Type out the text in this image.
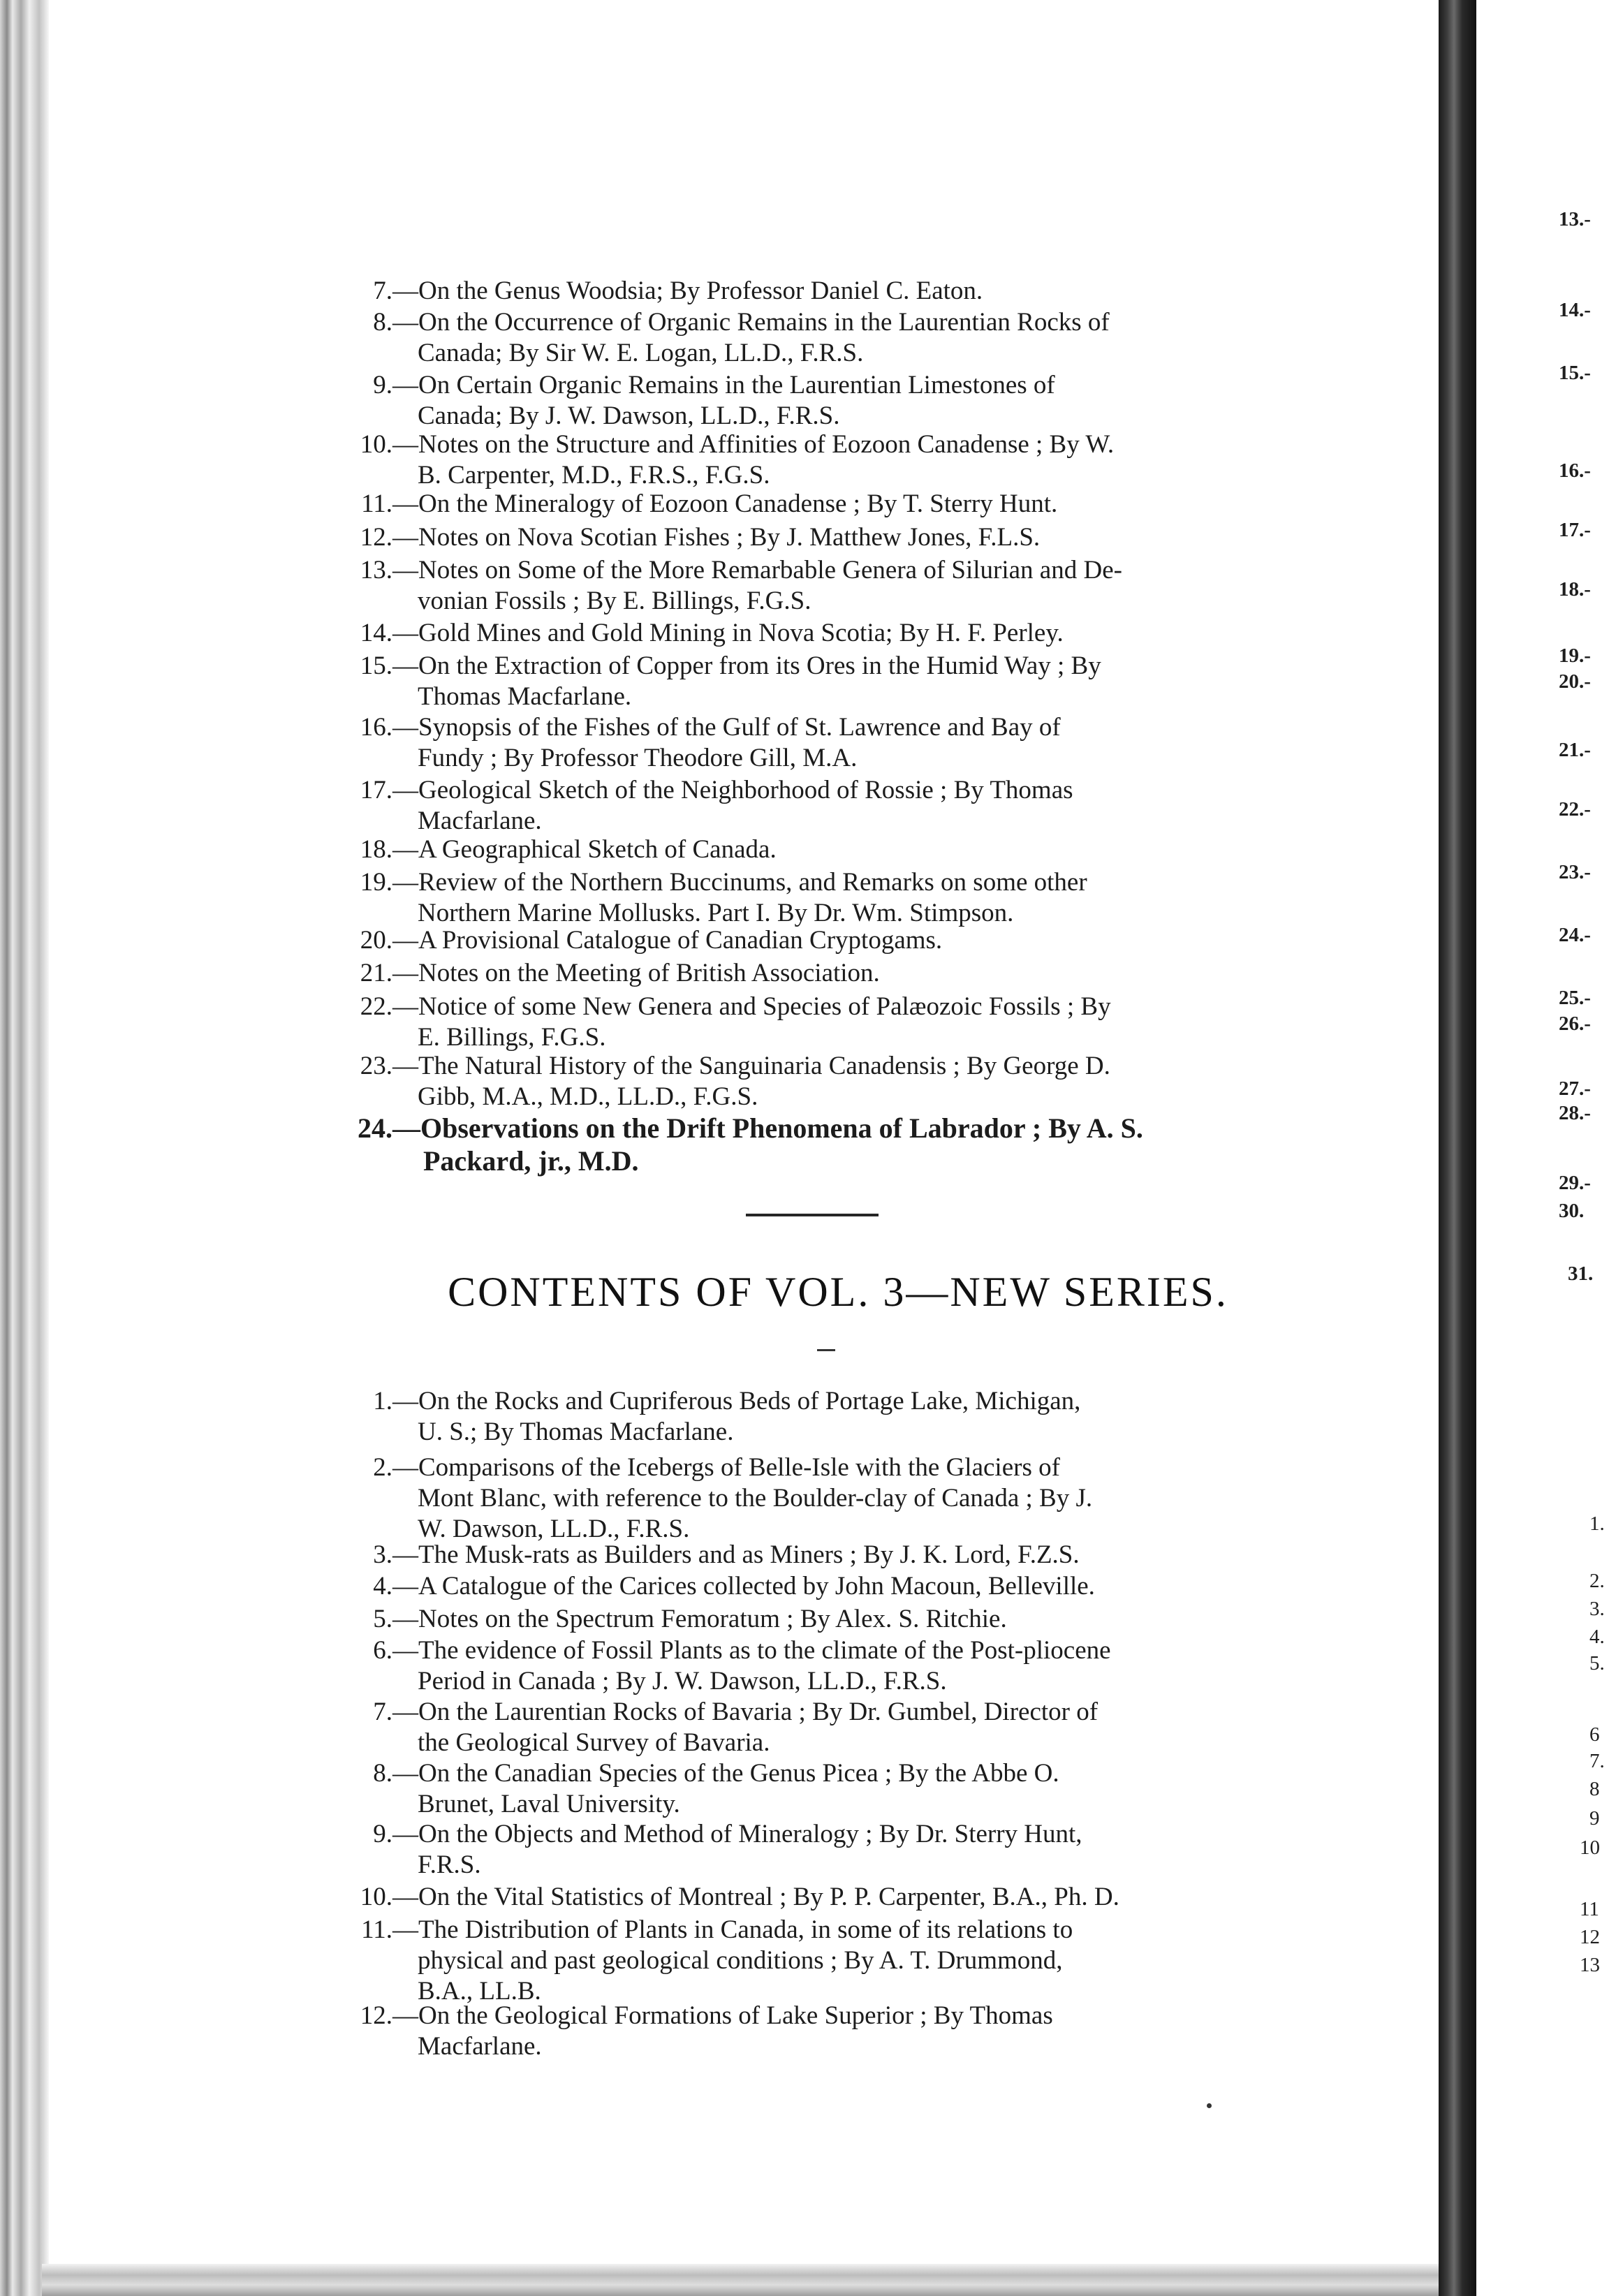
7.—On the Genus Woodsia; By Professor Daniel C. Eaton.
8.—On the Occurrence of Organic Remains in the Laurentian Rocks of
Canada; By Sir W. E. Logan, LL.D., F.R.S.
9.—On Certain Organic Remains in the Laurentian Limestones of
Canada; By J. W. Dawson, LL.D., F.R.S.
10.—Notes on the Structure and Affinities of Eozoon Canadense ; By W.
B. Carpenter, M.D., F.R.S., F.G.S.
11.—On the Mineralogy of Eozoon Canadense ; By T. Sterry Hunt.
12.—Notes on Nova Scotian Fishes ; By J. Matthew Jones, F.L.S.
13.—Notes on Some of the More Remarbable Genera of Silurian and De-
vonian Fossils ; By E. Billings, F.G.S.
14.—Gold Mines and Gold Mining in Nova Scotia; By H. F. Perley.
15.—On the Extraction of Copper from its Ores in the Humid Way ; By
Thomas Macfarlane.
16.—Synopsis of the Fishes of the Gulf of St. Lawrence and Bay of
Fundy ; By Professor Theodore Gill, M.A.
17.—Geological Sketch of the Neighborhood of Rossie ; By Thomas
Macfarlane.
18.—A Geographical Sketch of Canada.
19.—Review of the Northern Buccinums, and Remarks on some other
Northern Marine Mollusks. Part I. By Dr. Wm. Stimpson.
20.—A Provisional Catalogue of Canadian Cryptogams.
21.—Notes on the Meeting of British Association.
22.—Notice of some New Genera and Species of Palæozoic Fossils ; By
E. Billings, F.G.S.
23.—The Natural History of the Sanguinaria Canadensis ; By George D.
Gibb, M.A., M.D., LL.D., F.G.S.
24.—Observations on the Drift Phenomena of Labrador ; By A. S.
Packard, jr., M.D.
CONTENTS OF VOL. 3—NEW SERIES.
1.—On the Rocks and Cupriferous Beds of Portage Lake, Michigan,
U. S.; By Thomas Macfarlane.
2.—Comparisons of the Icebergs of Belle-Isle with the Glaciers of
Mont Blanc, with reference to the Boulder-clay of Canada ; By J.
W. Dawson, LL.D., F.R.S.
3.—The Musk-rats as Builders and as Miners ; By J. K. Lord, F.Z.S.
4.—A Catalogue of the Carices collected by John Macoun, Belleville.
5.—Notes on the Spectrum Femoratum ; By Alex. S. Ritchie.
6.—The evidence of Fossil Plants as to the climate of the Post-pliocene
Period in Canada ; By J. W. Dawson, LL.D., F.R.S.
7.—On the Laurentian Rocks of Bavaria ; By Dr. Gumbel, Director of
the Geological Survey of Bavaria.
8.—On the Canadian Species of the Genus Picea ; By the Abbe O.
Brunet, Laval University.
9.—On the Objects and Method of Mineralogy ; By Dr. Sterry Hunt,
F.R.S.
10.—On the Vital Statistics of Montreal ; By P. P. Carpenter, B.A., Ph. D.
11.—The Distribution of Plants in Canada, in some of its relations to
physical and past geological conditions ; By A. T. Drummond,
B.A., LL.B.
12.—On the Geological Formations of Lake Superior ; By Thomas
Macfarlane.
13.-
14.-
15.-
16.-
17.-
18.-
19.-
20.-
21.-
22.-
23.-
24.-
25.-
26.-
27.-
28.-
29.-
30.
31.
1.
2.
3.
4.
5.
6
7.
8
9
10
11
12
13
